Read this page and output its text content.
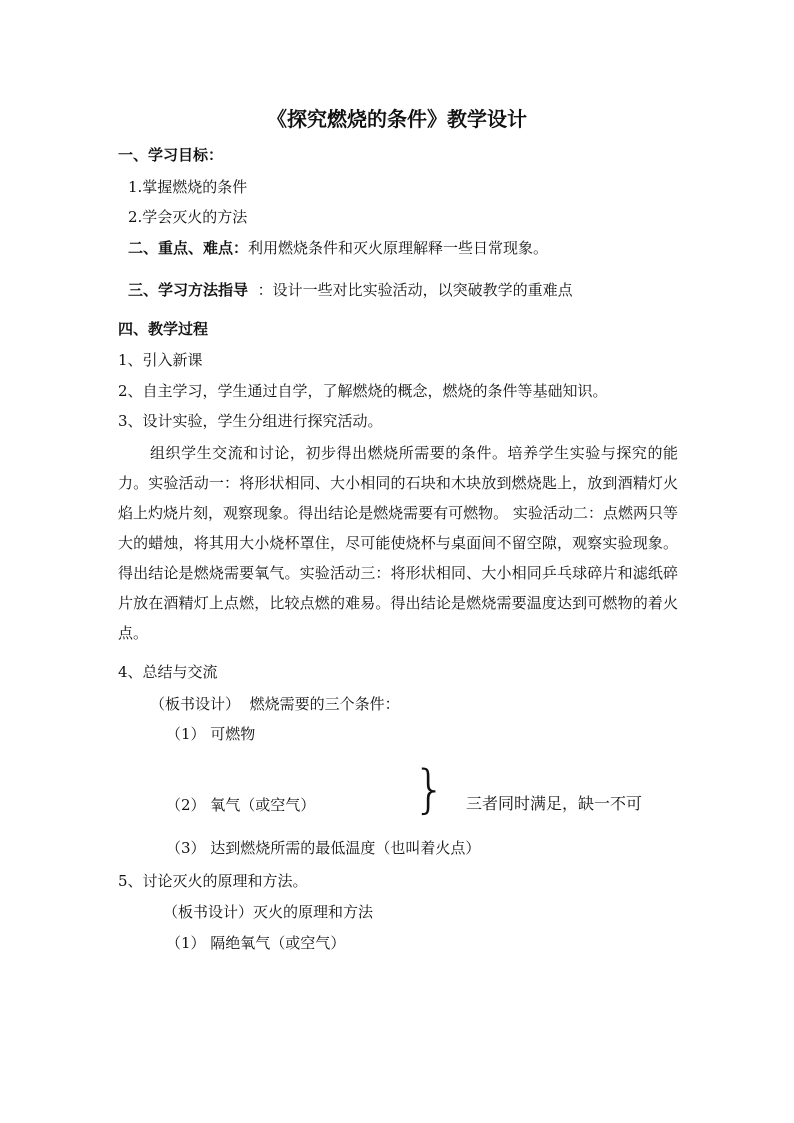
《探究燃烧的条件》教学设计
一、学习目标：
1.掌握燃烧的条件
2.学会灭火的方法
二、重点、难点：利用燃烧条件和灭火原理解释一些日常现象。
三、学习方法指导 ：设计一些对比实验活动，以突破教学的重难点
四、教学过程
1、引入新课
2、自主学习，学生通过自学，了解燃烧的概念，燃烧的条件等基础知识。
3、设计实验，学生分组进行探究活动。
组织学生交流和讨论，初步得出燃烧所需要的条件。培养学生实验与探究的能力。实验活动一：将形状相同、大小相同的石块和木块放到燃烧匙上，放到酒精灯火焰上灼烧片刻，观察现象。得出结论是燃烧需要有可燃物。 实验活动二：点燃两只等大的蜡烛，将其用大小烧杯罩住，尽可能使烧杯与桌面间不留空隙，观察实验现象。得出结论是燃烧需要氧气。实验活动三：将形状相同、大小相同乒乓球碎片和滤纸碎片放在酒精灯上点燃，比较点燃的难易。得出结论是燃烧需要温度达到可燃物的着火点。
4、总结与交流
（板书设计） 燃烧需要的三个条件：
（1） 可燃物
（2） 氧气（或空气） } 三者同时满足，缺一不可
（3） 达到燃烧所需的最低温度（也叫着火点）
5、讨论灭火的原理和方法。
（板书设计）灭火的原理和方法
（1） 隔绝氧气（或空气）
